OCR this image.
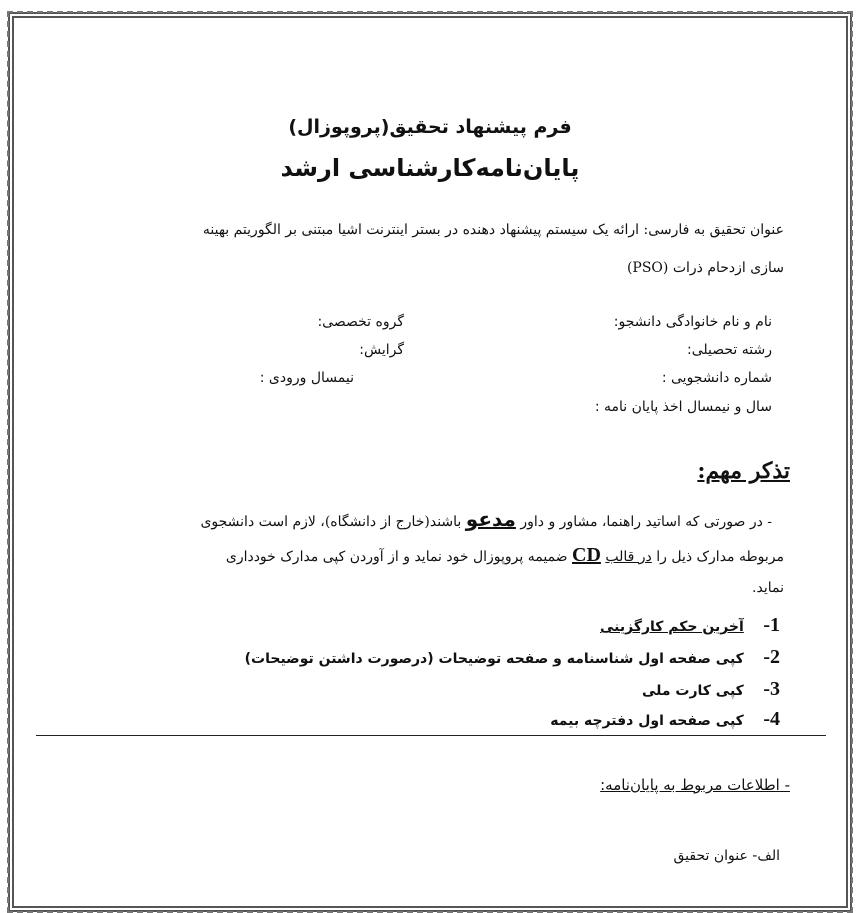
فرم پیشنهاد تحقیق(پروپوزال)
پایان‌نامه‌کارشناسی ارشد
عنوان تحقیق به فارسی: ارائه یک سیستم پیشنهاد دهنده در بستر اینترنت اشیا مبتنی بر الگوریتم بهینه
سازی ازدحام ذرات (PSO)
نام و نام خانوادگی دانشجو:
گروه تخصصی:
رشته تحصیلی:
گرایش:
شماره دانشجویی :
نیمسال ورودی :
سال و نیمسال اخذ پایان نامه :
تذکر مهم:
- در صورتی که اساتید راهنما، مشاور و داور مدعو باشند(خارج از دانشگاه)، لازم است دانشجوی
مربوطه مدارک ذیل را در قالب CD ضمیمه پروپوزال خود نماید و از آوردن کپی مدارک خودداری
نماید.
-1    آخرین حکم کارگزینی
-2    کپی صفحه اول شناسنامه و صفحه توضیحات (درصورت داشتن توضیحات)
-3    کپی کارت ملی
-4    کپی صفحه اول دفترچه بیمه
- اطلاعات مربوط به پایان‌نامه:
الف- عنوان تحقیق
